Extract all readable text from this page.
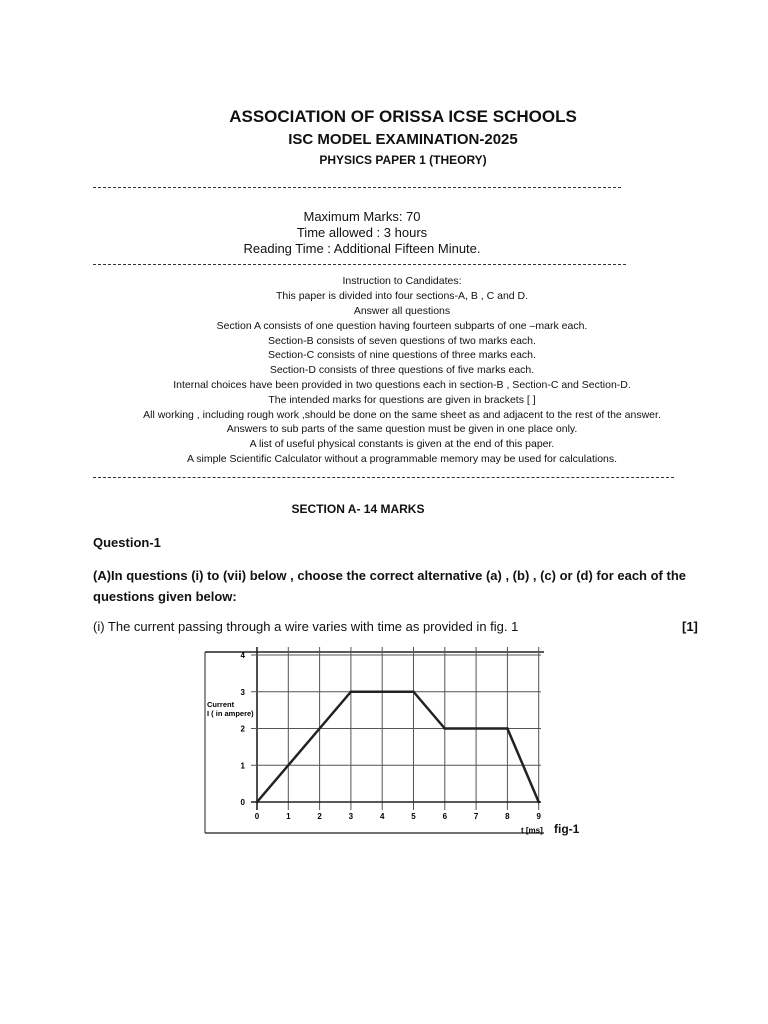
ASSOCIATION OF ORISSA ICSE SCHOOLS
ISC MODEL EXAMINATION-2025
PHYSICS PAPER 1 (THEORY)
Maximum Marks: 70
Time allowed : 3 hours
Reading Time : Additional Fifteen Minute.
Instruction to Candidates:
This paper is divided into four sections-A, B , C and D.
Answer all questions
Section A consists of one question having fourteen subparts of one –mark each.
Section-B consists of seven questions of two marks each.
Section-C consists of nine questions of three marks each.
Section-D consists of three questions of five marks each.
Internal choices have been provided in two questions each in section-B , Section-C and Section-D.
The intended marks for questions are given in brackets [ ]
All working , including rough work ,should be done on the same sheet as and adjacent to the rest of the answer.
Answers to sub parts of the same question must be given in one place only.
A list of useful physical constants is given at the end of this paper.
A simple Scientific Calculator without a programmable memory may be used for calculations.
SECTION A- 14 MARKS
Question-1
(A)In questions (i) to (vii) below , choose the correct alternative (a) , (b) , (c) or (d) for each of the questions given below:
(i) The current passing through a wire varies with time as provided in fig. 1	[1]
0	1	2	3	4	5	6	7	8	9
0
1
2
3
4
Current
I ( in ampere)
t [ms] fig-1
